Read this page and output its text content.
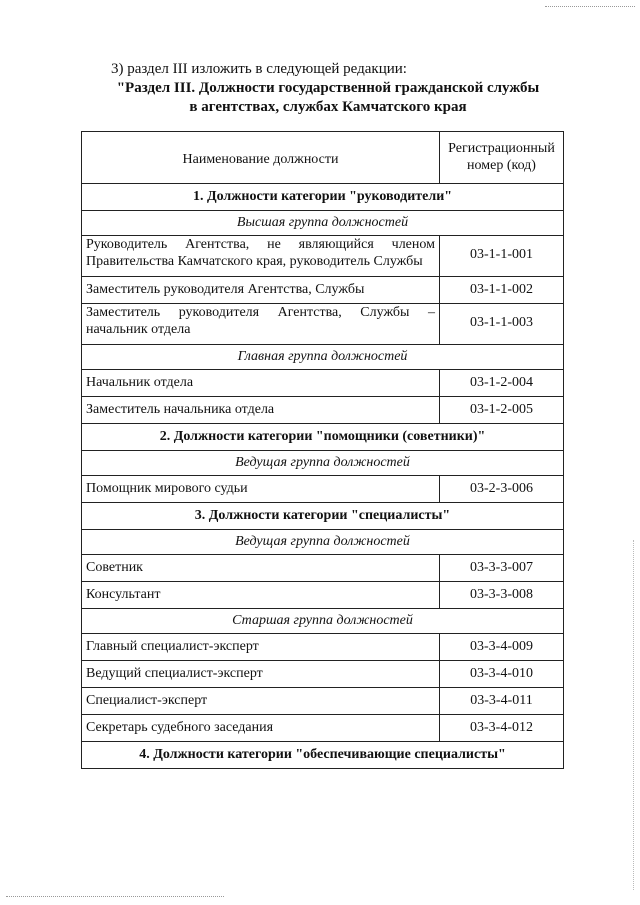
3) раздел III изложить в следующей редакции:
"Раздел III. Должности государственной гражданской службы
в агентствах, службах Камчатского края
Наименование должности	Регистрационный номер (код)
1. Должности категории "руководители"	
Высшая группа должностей	
Руководитель Агентства, не являющийся членом Правительства Камчатского края, руководитель Службы	03-1-1-001
Заместитель руководителя Агентства, Службы	03-1-1-002
Заместитель руководителя Агентства, Службы – начальник отдела	03-1-1-003
Главная группа должностей	
Начальник отдела	03-1-2-004
Заместитель начальника отдела	03-1-2-005
2. Должности категории "помощники (советники)"	
Ведущая группа должностей	
Помощник мирового судьи	03-2-3-006
3. Должности категории "специалисты"	
Ведущая группа должностей	
Советник	03-3-3-007
Консультант	03-3-3-008
Старшая группа должностей	
Главный специалист-эксперт	03-3-4-009
Ведущий специалист-эксперт	03-3-4-010
Специалист-эксперт	03-3-4-011
Секретарь судебного заседания	03-3-4-012
4. Должности категории "обеспечивающие специалисты"	
